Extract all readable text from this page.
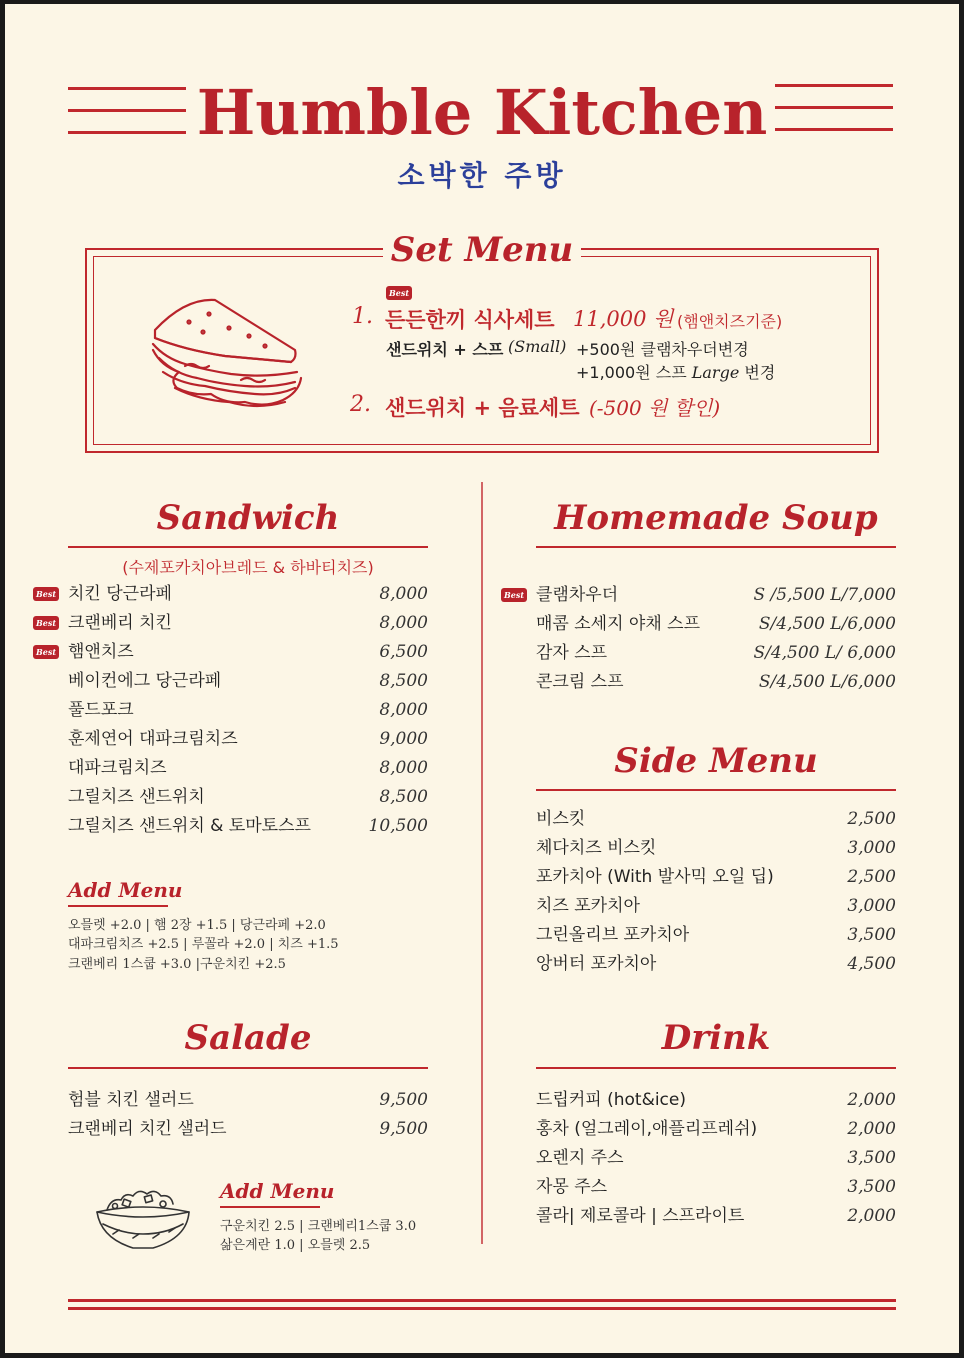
Humble Kitchen
소박한 주방
Set Menu
Best
1. 든든한끼 식사세트 11,000 원 (햄앤치즈기준)
샌드위치 + 스프 (Small) +500원 클램차우더변경
+1,000원 스프 Large 변경
2. 샌드위치 + 음료세트 (-500 원 할인)
Sandwich
(수제포카치아브레드 & 하바티치즈)
Best 치킨 당근라페	8,000
Best 크랜베리 치킨	8,000
Best 햄앤치즈	6,500
베이컨에그 당근라페	8,500
풀드포크	8,000
훈제연어 대파크림치즈	9,000
대파크림치즈	8,000
그릴치즈 샌드위치	8,500
그릴치즈 샌드위치 & 토마토스프	10,500
Add Menu
오믈렛 +2.0 | 햄 2장 +1.5 | 당근라페 +2.0
대파크림치즈 +2.5 | 루꼴라 +2.0 | 치즈 +1.5
크랜베리 1스쿱 +3.0 |구운치킨 +2.5
Salade
험블 치킨 샐러드	9,500
크랜베리 치킨 샐러드	9,500
Add Menu
구운치킨 2.5 | 크랜베리1스쿱 3.0
삶은계란 1.0 | 오믈렛 2.5
Homemade Soup
Best 클램차우더	S /5,500 L/7,000
매콤 소세지 야채 스프	S/4,500 L/6,000
감자 스프	S/4,500 L/ 6,000
콘크림 스프	S/4,500 L/6,000
Side Menu
비스킷	2,500
체다치즈 비스킷	3,000
포카치아 (With 발사믹 오일 딥)	2,500
치즈 포카치아	3,000
그린올리브 포카치아	3,500
앙버터 포카치아	4,500
Drink
드립커피 (hot&ice)	2,000
홍차 (얼그레이,애플리프레쉬)	2,000
오렌지 주스	3,500
자몽 주스	3,500
콜라| 제로콜라 | 스프라이트	2,000
